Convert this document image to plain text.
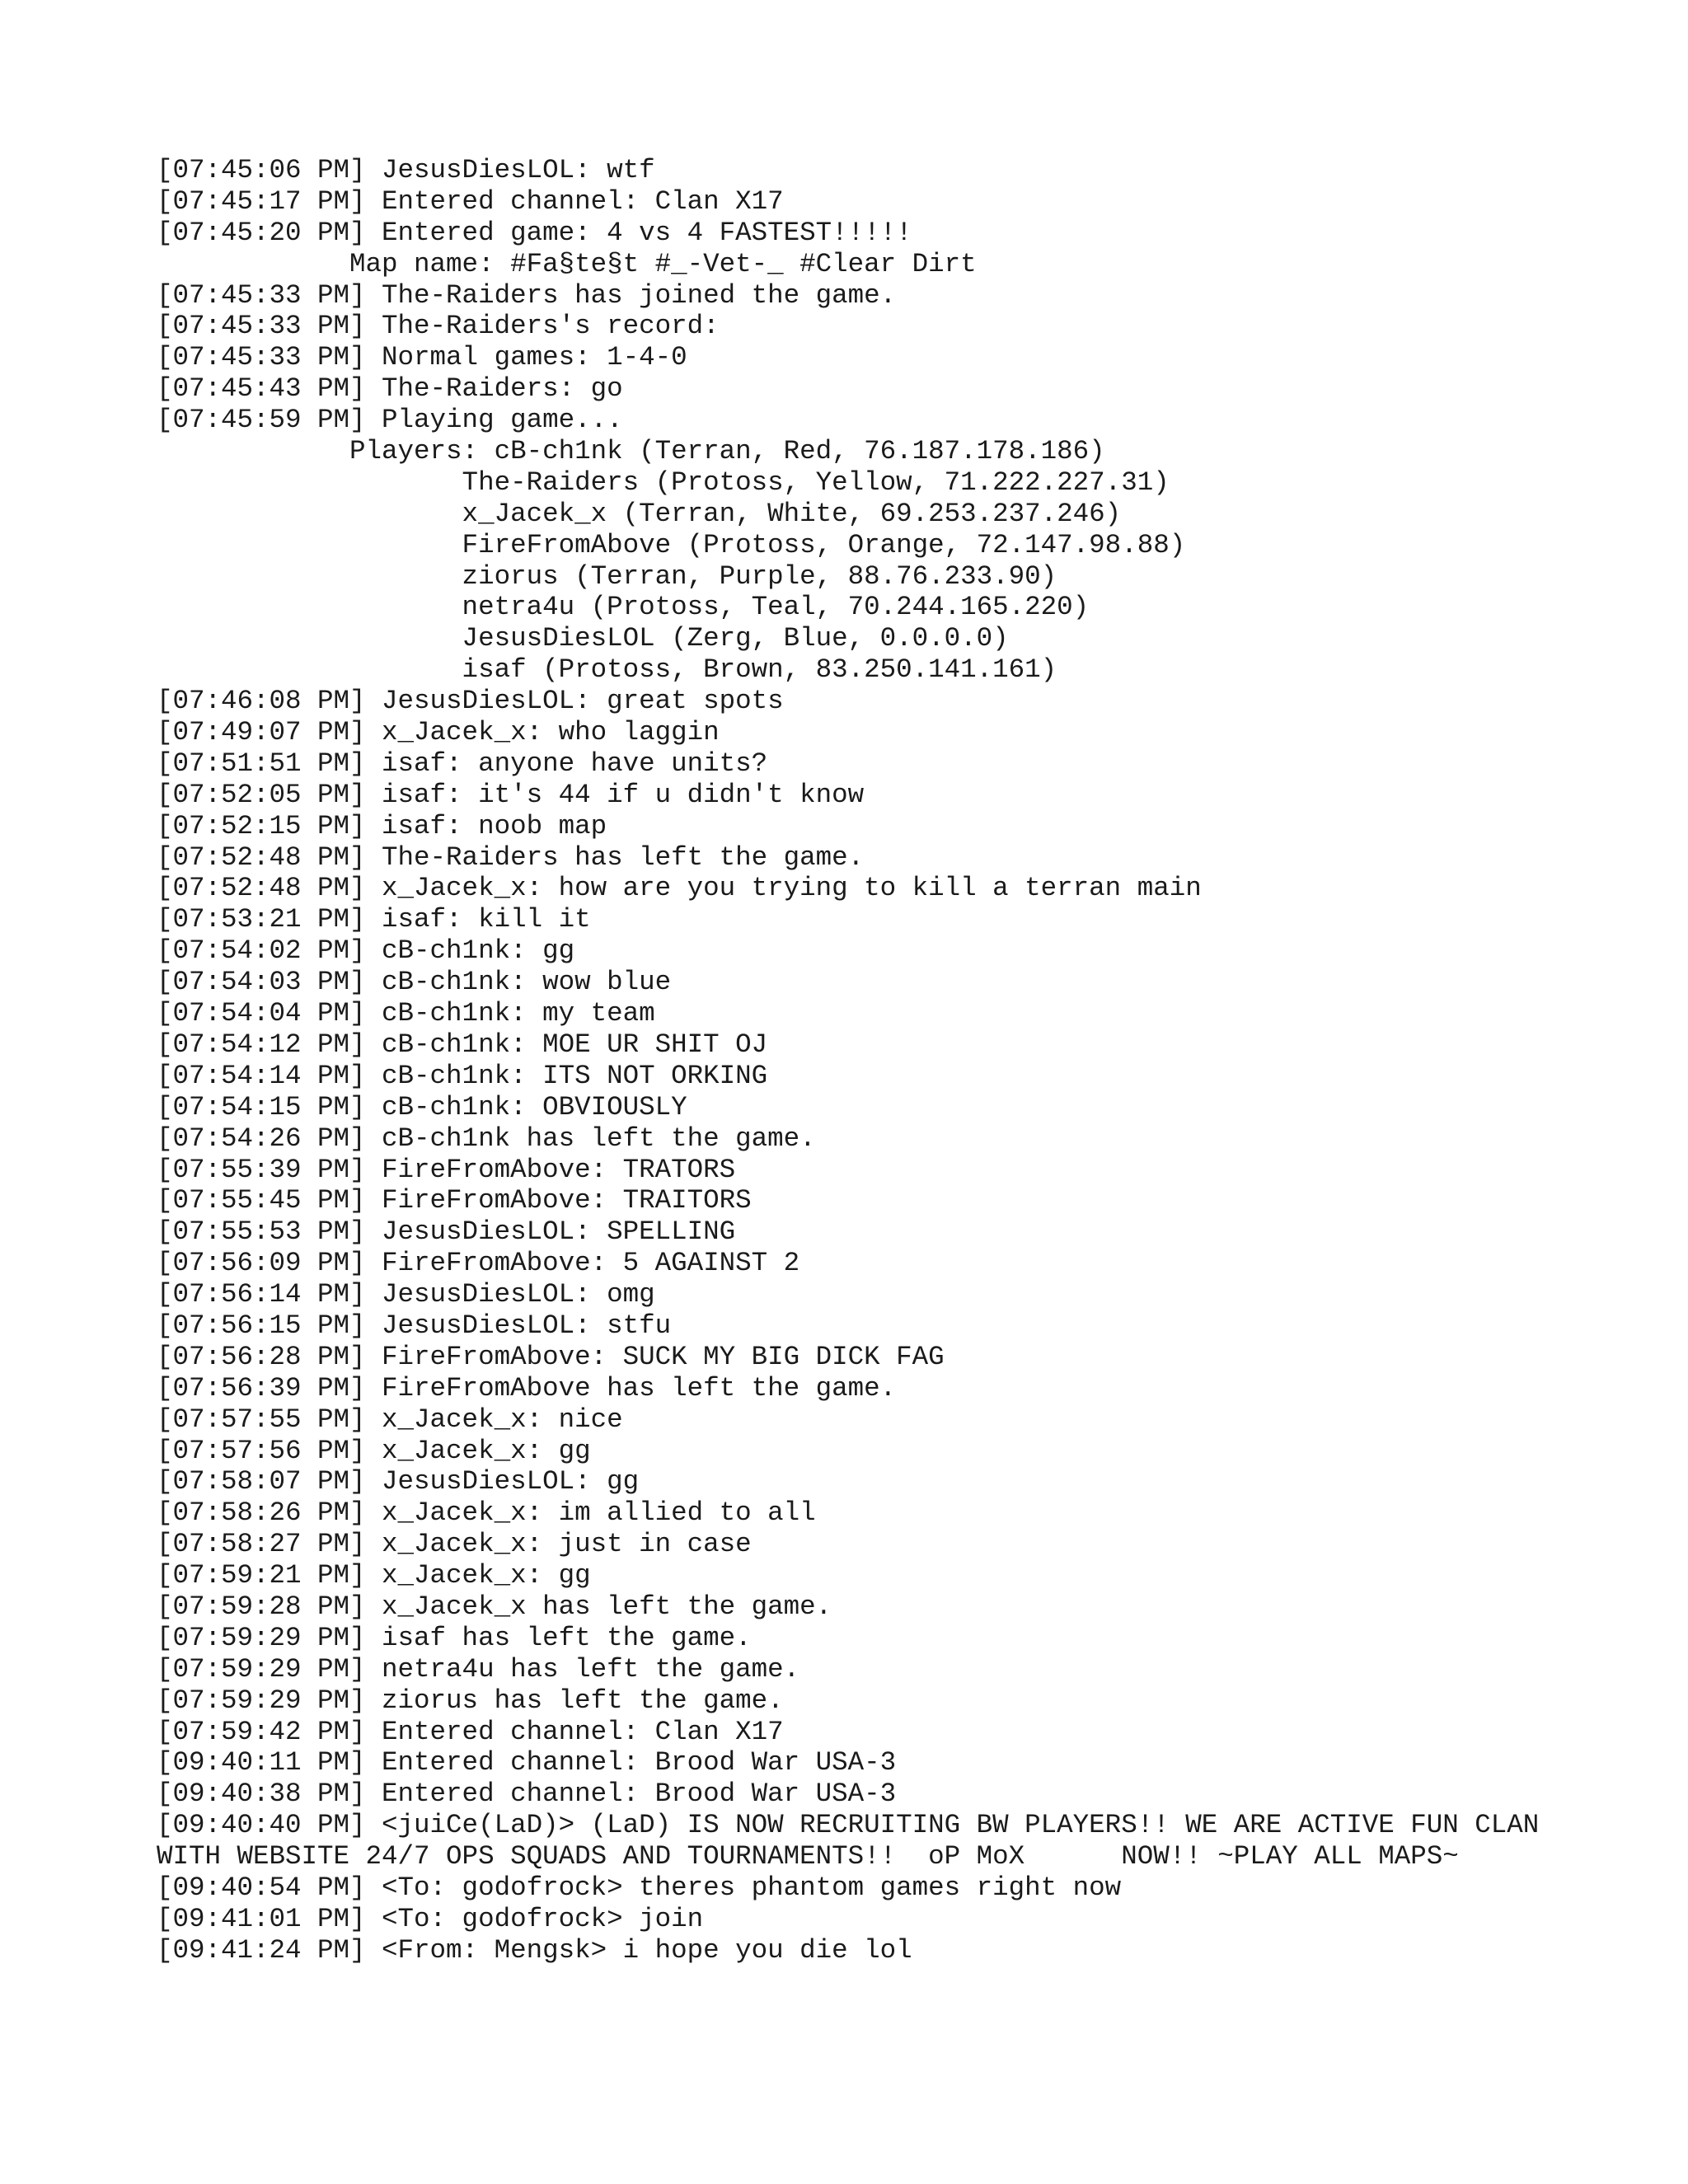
[07:45:06 PM] JesusDiesLOL: wtf
[07:45:17 PM] Entered channel: Clan X17
[07:45:20 PM] Entered game: 4 vs 4 FASTEST!!!!!
Map name: #Fa§te§t #_-Vet-_ #Clear Dirt
[07:45:33 PM] The-Raiders has joined the game.
[07:45:33 PM] The-Raiders's record:
[07:45:33 PM] Normal games: 1-4-0
[07:45:43 PM] The-Raiders: go
[07:45:59 PM] Playing game...
Players: cB-ch1nk (Terran, Red, 76.187.178.186)
The-Raiders (Protoss, Yellow, 71.222.227.31)
x_Jacek_x (Terran, White, 69.253.237.246)
FireFromAbove (Protoss, Orange, 72.147.98.88)
ziorus (Terran, Purple, 88.76.233.90)
netra4u (Protoss, Teal, 70.244.165.220)
JesusDiesLOL (Zerg, Blue, 0.0.0.0)
isaf (Protoss, Brown, 83.250.141.161)
[07:46:08 PM] JesusDiesLOL: great spots
[07:49:07 PM] x_Jacek_x: who laggin
[07:51:51 PM] isaf: anyone have units?
[07:52:05 PM] isaf: it's 44 if u didn't know
[07:52:15 PM] isaf: noob map
[07:52:48 PM] The-Raiders has left the game.
[07:52:48 PM] x_Jacek_x: how are you trying to kill a terran main
[07:53:21 PM] isaf: kill it
[07:54:02 PM] cB-ch1nk: gg
[07:54:03 PM] cB-ch1nk: wow blue
[07:54:04 PM] cB-ch1nk: my team
[07:54:12 PM] cB-ch1nk: MOE UR SHIT OJ
[07:54:14 PM] cB-ch1nk: ITS NOT ORKING
[07:54:15 PM] cB-ch1nk: OBVIOUSLY
[07:54:26 PM] cB-ch1nk has left the game.
[07:55:39 PM] FireFromAbove: TRATORS
[07:55:45 PM] FireFromAbove: TRAITORS
[07:55:53 PM] JesusDiesLOL: SPELLING
[07:56:09 PM] FireFromAbove: 5 AGAINST 2
[07:56:14 PM] JesusDiesLOL: omg
[07:56:15 PM] JesusDiesLOL: stfu
[07:56:28 PM] FireFromAbove: SUCK MY BIG DICK FAG
[07:56:39 PM] FireFromAbove has left the game.
[07:57:55 PM] x_Jacek_x: nice
[07:57:56 PM] x_Jacek_x: gg
[07:58:07 PM] JesusDiesLOL: gg
[07:58:26 PM] x_Jacek_x: im allied to all
[07:58:27 PM] x_Jacek_x: just in case
[07:59:21 PM] x_Jacek_x: gg
[07:59:28 PM] x_Jacek_x has left the game.
[07:59:29 PM] isaf has left the game.
[07:59:29 PM] netra4u has left the game.
[07:59:29 PM] ziorus has left the game.
[07:59:42 PM] Entered channel: Clan X17
[09:40:11 PM] Entered channel: Brood War USA-3
[09:40:38 PM] Entered channel: Brood War USA-3
[09:40:40 PM] <juiCe(LaD)> (LaD) IS NOW RECRUITING BW PLAYERS!! WE ARE ACTIVE FUN CLAN WITH WEBSITE 24/7 OPS SQUADS AND TOURNAMENTS!!  oP MoX      NOW!! ~PLAY ALL MAPS~
[09:40:54 PM] <To: godofrock> theres phantom games right now
[09:41:01 PM] <To: godofrock> join
[09:41:24 PM] <From: Mengsk> i hope you die lol
